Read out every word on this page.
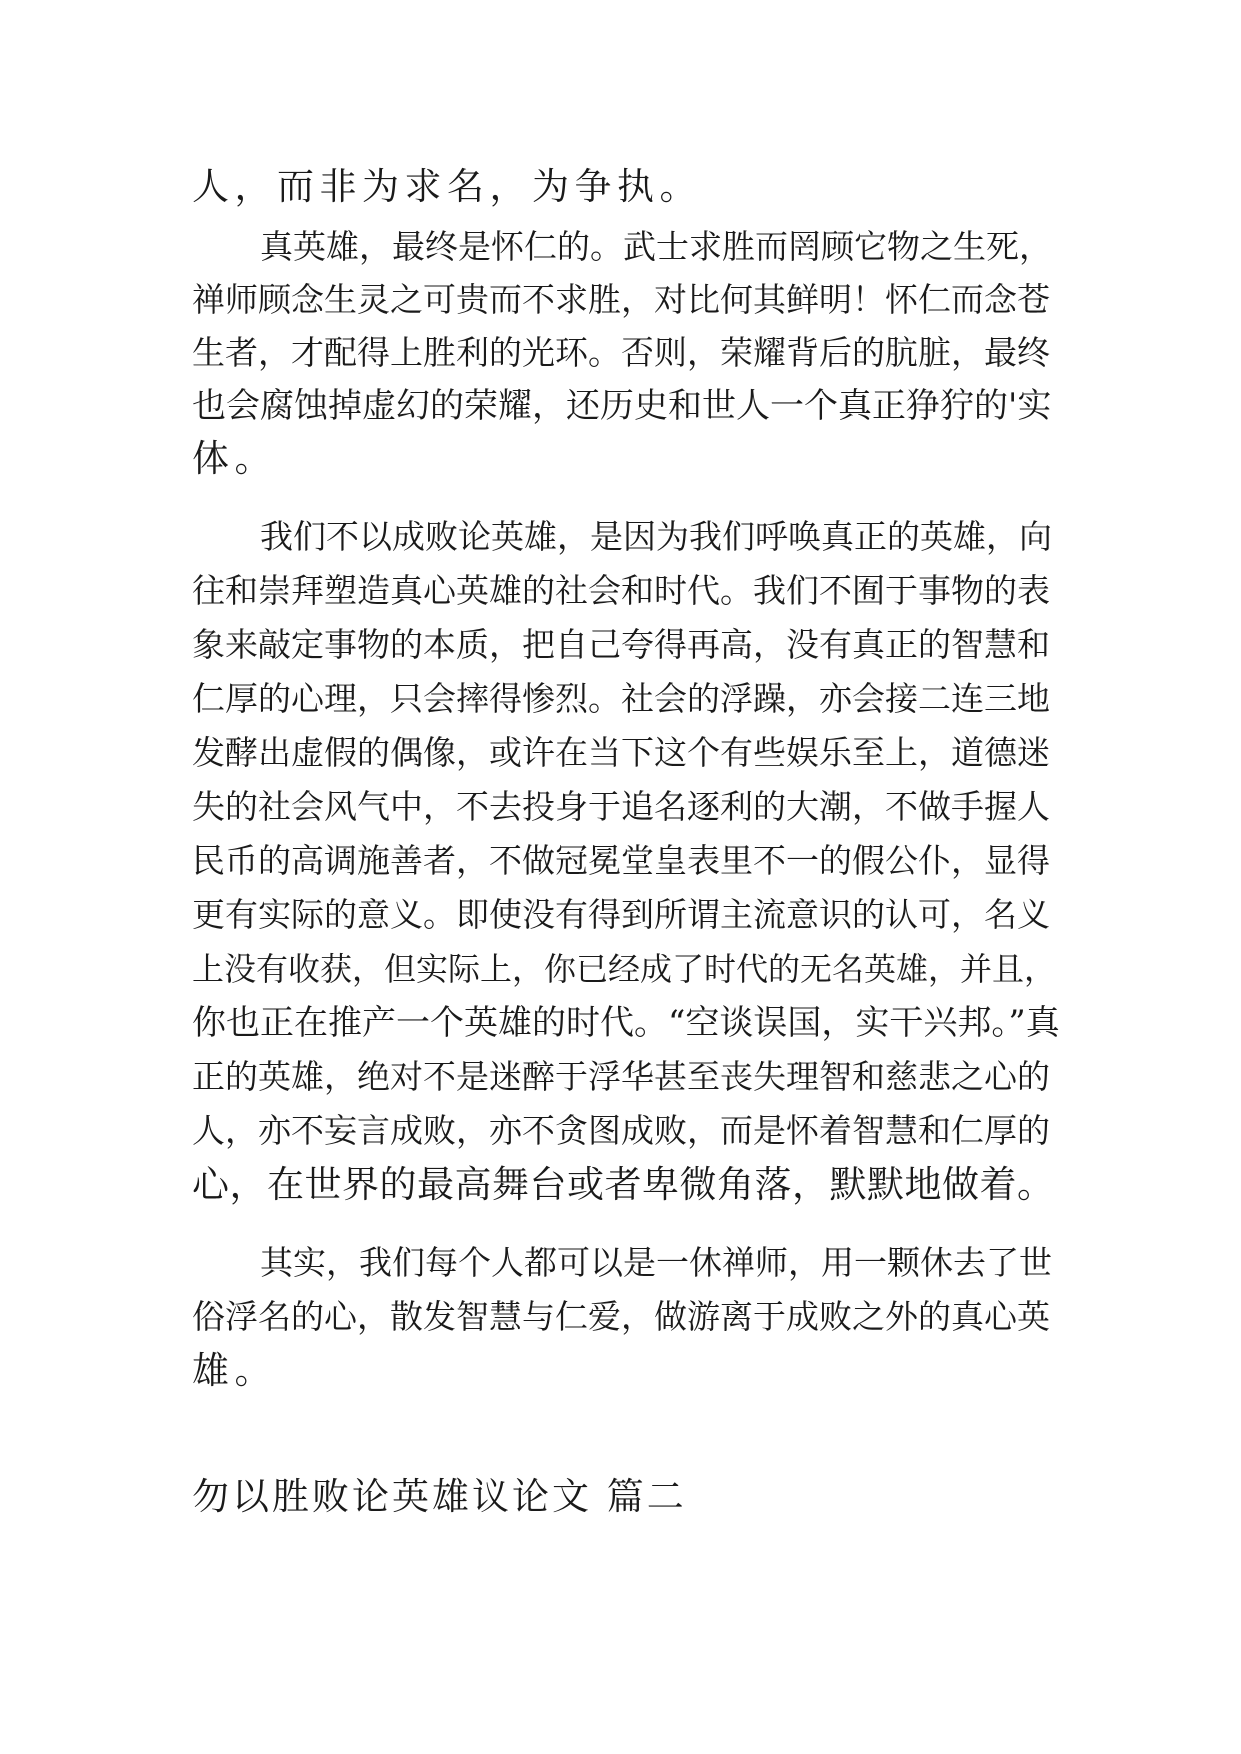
人，而非为求名，为争执。
真英雄，最终是怀仁的。武士求胜而罔顾它物之生死，
禅师顾念生灵之可贵而不求胜，对比何其鲜明！怀仁而念苍
生者，才配得上胜利的光环。否则，荣耀背后的肮脏，最终
也会腐蚀掉虚幻的荣耀，还历史和世人一个真正狰狞的'实
体。
我们不以成败论英雄，是因为我们呼唤真正的英雄，向
往和崇拜塑造真心英雄的社会和时代。我们不囿于事物的表
象来敲定事物的本质，把自己夸得再高，没有真正的智慧和
仁厚的心理，只会摔得惨烈。社会的浮躁，亦会接二连三地
发酵出虚假的偶像，或许在当下这个有些娱乐至上，道德迷
失的社会风气中，不去投身于追名逐利的大潮，不做手握人
民币的高调施善者，不做冠冕堂皇表里不一的假公仆，显得
更有实际的意义。即使没有得到所谓主流意识的认可，名义
上没有收获，但实际上，你已经成了时代的无名英雄，并且，
你也正在推产一个英雄的时代。“空谈误国，实干兴邦。”真
正的英雄，绝对不是迷醉于浮华甚至丧失理智和慈悲之心的
人，亦不妄言成败，亦不贪图成败，而是怀着智慧和仁厚的
心，在世界的最高舞台或者卑微角落，默默地做着。
其实，我们每个人都可以是一休禅师，用一颗休去了世
俗浮名的心，散发智慧与仁爱，做游离于成败之外的真心英
雄。
勿以胜败论英雄议论文 篇二
